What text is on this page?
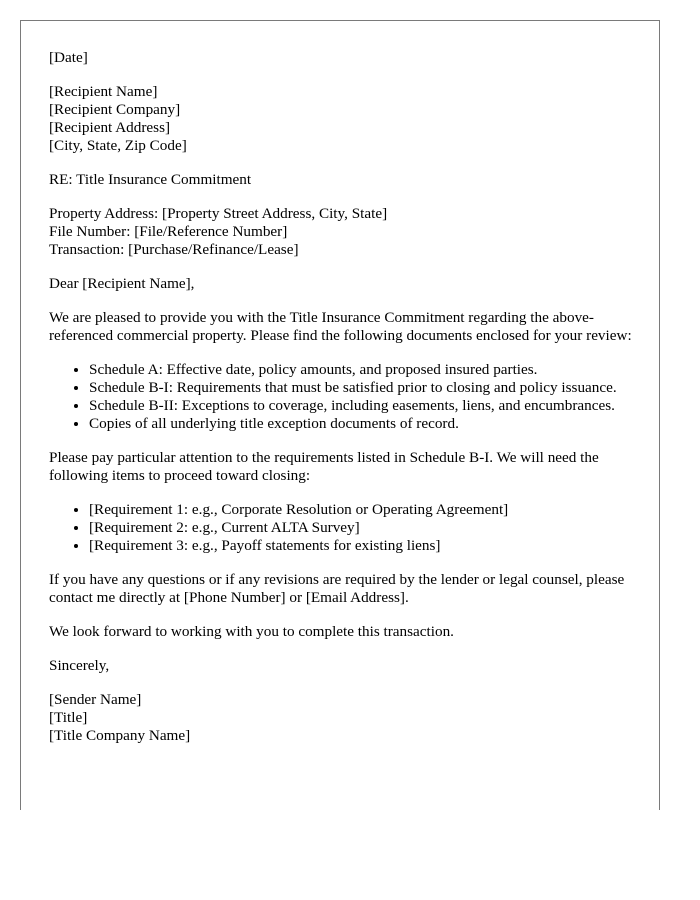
[Date]

[Recipient Name]
[Recipient Company]
[Recipient Address]
[City, State, Zip Code]

RE: Title Insurance Commitment

Property Address: [Property Street Address, City, State]
File Number: [File/Reference Number]
Transaction: [Purchase/Refinance/Lease]

Dear [Recipient Name],

We are pleased to provide you with the Title Insurance Commitment regarding the above-referenced commercial property. Please find the following documents enclosed for your review:

• Schedule A: Effective date, policy amounts, and proposed insured parties.
• Schedule B-I: Requirements that must be satisfied prior to closing and policy issuance.
• Schedule B-II: Exceptions to coverage, including easements, liens, and encumbrances.
• Copies of all underlying title exception documents of record.

Please pay particular attention to the requirements listed in Schedule B-I. We will need the following items to proceed toward closing:

• [Requirement 1: e.g., Corporate Resolution or Operating Agreement]
• [Requirement 2: e.g., Current ALTA Survey]
• [Requirement 3: e.g., Payoff statements for existing liens]

If you have any questions or if any revisions are required by the lender or legal counsel, please contact me directly at [Phone Number] or [Email Address].

We look forward to working with you to complete this transaction.

Sincerely,

[Sender Name]
[Title]
[Title Company Name]
